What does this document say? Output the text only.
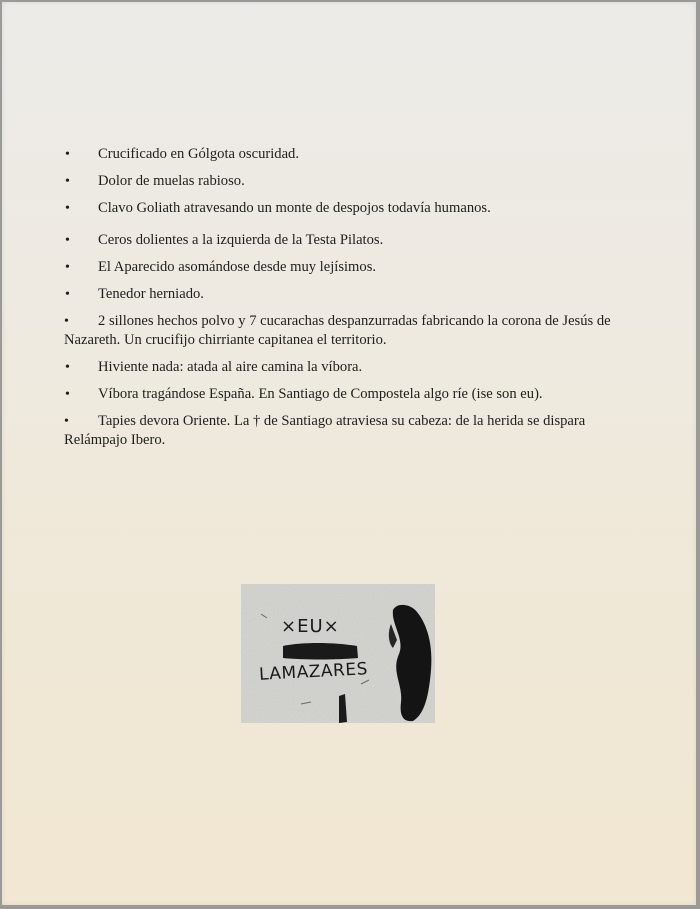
• Crucificado en Gólgota oscuridad.
• Dolor de muelas rabioso.
• Clavo Goliath atravesando un monte de despojos todavía humanos.
• Ceros dolientes a la izquierda de la Testa Pilatos.
• El Aparecido asomándose desde muy lejísimos.
• Tenedor herniado.
• 2 sillones hechos polvo y 7 cucarachas despanzurradas fabricando la corona de Jesús de Nazareth. Un crucifijo chirriante capitanea el territorio.
• Hiviente nada: atada al aire camina la víbora.
• Víbora tragándose España. En Santiago de Compostela algo ríe (ise son eu).
• Tapies devora Oriente. La † de Santiago atraviesa su cabeza: de la herida se dispara Relámpajo Ibero.
×EU×
LAMAZARES
